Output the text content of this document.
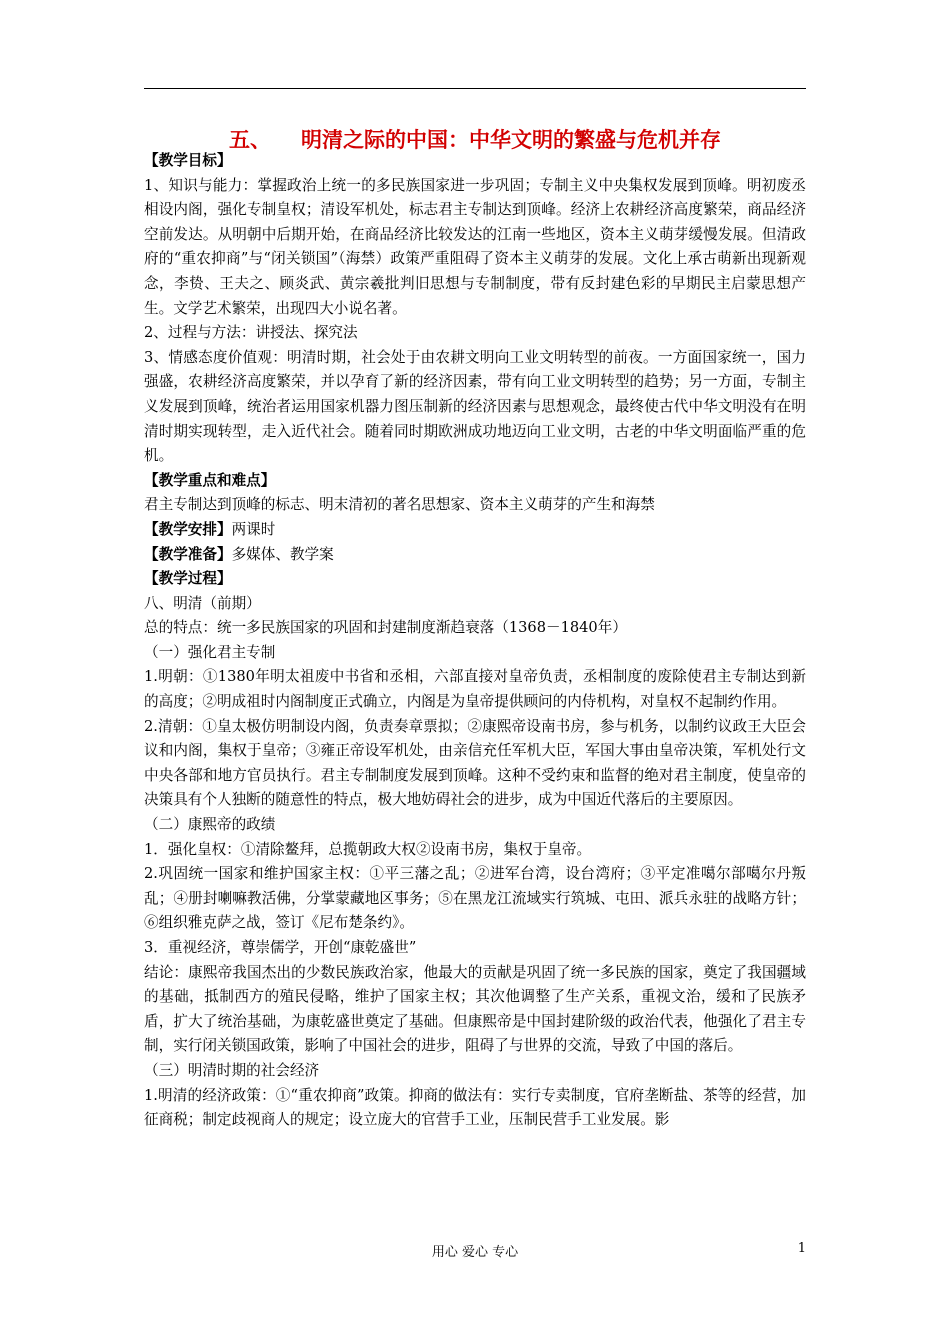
五、 明清之际的中国：中华文明的繁盛与危机并存

【教学目标】

1、知识与能力：掌握政治上统一的多民族国家进一步巩固；专制主义中央集权发展到顶峰。明初废丞相设内阁，强化专制皇权；清设军机处，标志君主专制达到顶峰。经济上农耕经济高度繁荣，商品经济空前发达。从明朝中后期开始，在商品经济比较发达的江南一些地区，资本主义萌芽缓慢发展。但清政府的“重农抑商”与“闭关锁国”（海禁）政策严重阻碍了资本主义萌芽的发展。文化上承古萌新出现新观念，李贽、王夫之、顾炎武、黄宗羲批判旧思想与专制制度，带有反封建色彩的早期民主启蒙思想产生。文学艺术繁荣，出现四大小说名著。

2、过程与方法：讲授法、探究法

3、情感态度价值观：明清时期，社会处于由农耕文明向工业文明转型的前夜。一方面国家统一，国力强盛，农耕经济高度繁荣，并以孕育了新的经济因素，带有向工业文明转型的趋势；另一方面，专制主义发展到顶峰，统治者运用国家机器力图压制新的经济因素与思想观念，最终使古代中华文明没有在明清时期实现转型，走入近代社会。随着同时期欧洲成功地迈向工业文明，古老的中华文明面临严重的危机。

【教学重点和难点】

君主专制达到顶峰的标志、明末清初的著名思想家、资本主义萌芽的产生和海禁

【教学安排】两课时

【教学准备】多媒体、教学案

【教学过程】

八、明清（前期）

总的特点：统一多民族国家的巩固和封建制度渐趋衰落（1368－1840年）

（一）强化君主专制

1.明朝：①1380年明太祖废中书省和丞相，六部直接对皇帝负责，丞相制度的废除使君主专制达到新的高度；②明成祖时内阁制度正式确立，内阁是为皇帝提供顾问的内侍机构，对皇权不起制约作用。

2.清朝：①皇太极仿明制设内阁，负责奏章票拟；②康熙帝设南书房，参与机务，以制约议政王大臣会议和内阁，集权于皇帝；③雍正帝设军机处，由亲信充任军机大臣，军国大事由皇帝决策，军机处行文中央各部和地方官员执行。君主专制制度发展到顶峰。这种不受约束和监督的绝对君主制度，使皇帝的决策具有个人独断的随意性的特点，极大地妨碍社会的进步，成为中国近代落后的主要原因。

（二）康熙帝的政绩

1．强化皇权：①清除鳌拜，总揽朝政大权②设南书房，集权于皇帝。

2.巩固统一国家和维护国家主权：①平三藩之乱；②进军台湾，设台湾府；③平定准噶尔部噶尔丹叛乱；④册封喇嘛教活佛，分掌蒙藏地区事务；⑤在黑龙江流域实行筑城、屯田、派兵永驻的战略方针；⑥组织雅克萨之战，签订《尼布楚条约》。

3．重视经济，尊崇儒学，开创“康乾盛世”

结论：康熙帝我国杰出的少数民族政治家，他最大的贡献是巩固了统一多民族的国家，奠定了我国疆域的基础，抵制西方的殖民侵略，维护了国家主权；其次他调整了生产关系，重视文治，缓和了民族矛盾，扩大了统治基础，为康乾盛世奠定了基础。但康熙帝是中国封建阶级的政治代表，他强化了君主专制，实行闭关锁国政策，影响了中国社会的进步，阻碍了与世界的交流，导致了中国的落后。

（三）明清时期的社会经济

1.明清的经济政策：①“重农抑商”政策。抑商的做法有：实行专卖制度，官府垄断盐、茶等的经营，加征商税；制定歧视商人的规定；设立庞大的官营手工业，压制民营手工业发展。影

用心 爱心 专心	1
